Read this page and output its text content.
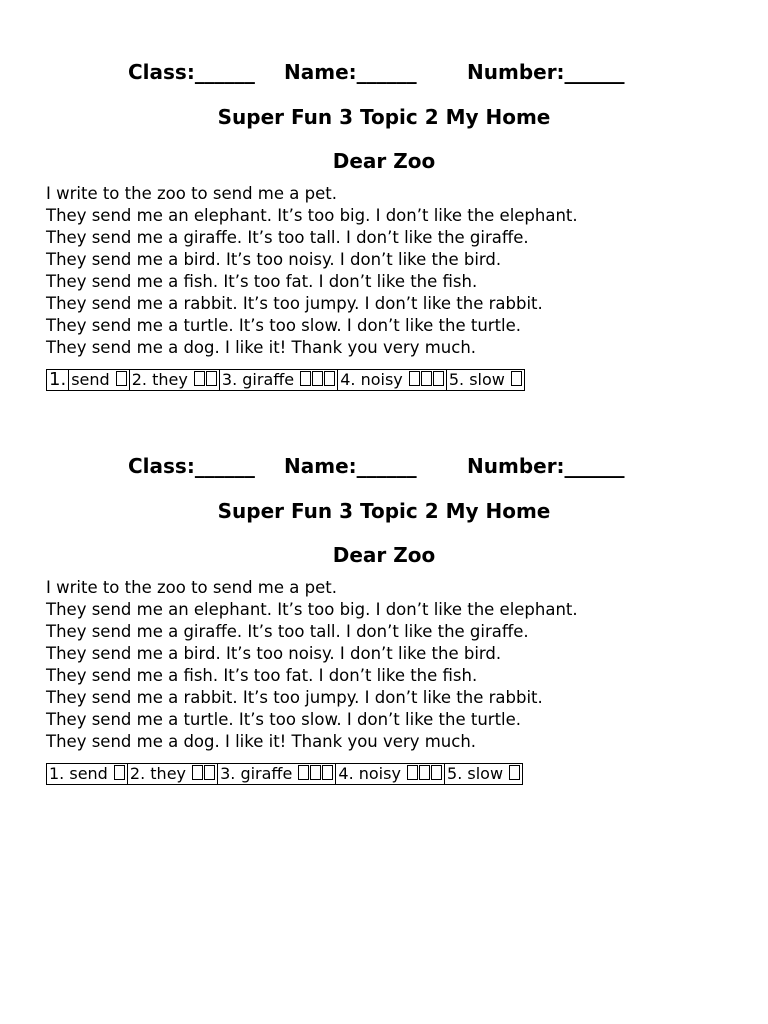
Class:______ Name:______	Number:______
Super Fun 3 Topic 2 My Home
Dear Zoo
I write to the zoo to send me a pet.
They send me an elephant. It’s too big. I don’t like the elephant.
They send me a giraffe. It’s too tall. I don’t like the giraffe.
They send me a bird. It’s too noisy. I don’t like the bird.
They send me a fish. It’s too fat. I don’t like the fish.
They send me a rabbit. It’s too jumpy. I don’t like the rabbit.
They send me a turtle. It’s too slow. I don’t like the turtle.
They send me a dog. I like it! Thank you very much.
1. send	2. they	3. giraffe	4. noisy	5. slow
Class:______ Name:______	Number:______
Super Fun 3 Topic 2 My Home
Dear Zoo
I write to the zoo to send me a pet.
They send me an elephant. It’s too big. I don’t like the elephant.
They send me a giraffe. It’s too tall. I don’t like the giraffe.
They send me a bird. It’s too noisy. I don’t like the bird.
They send me a fish. It’s too fat. I don’t like the fish.
They send me a rabbit. It’s too jumpy. I don’t like the rabbit.
They send me a turtle. It’s too slow. I don’t like the turtle.
They send me a dog. I like it! Thank you very much.
1. send	2. they	3. giraffe	4. noisy	5. slow
